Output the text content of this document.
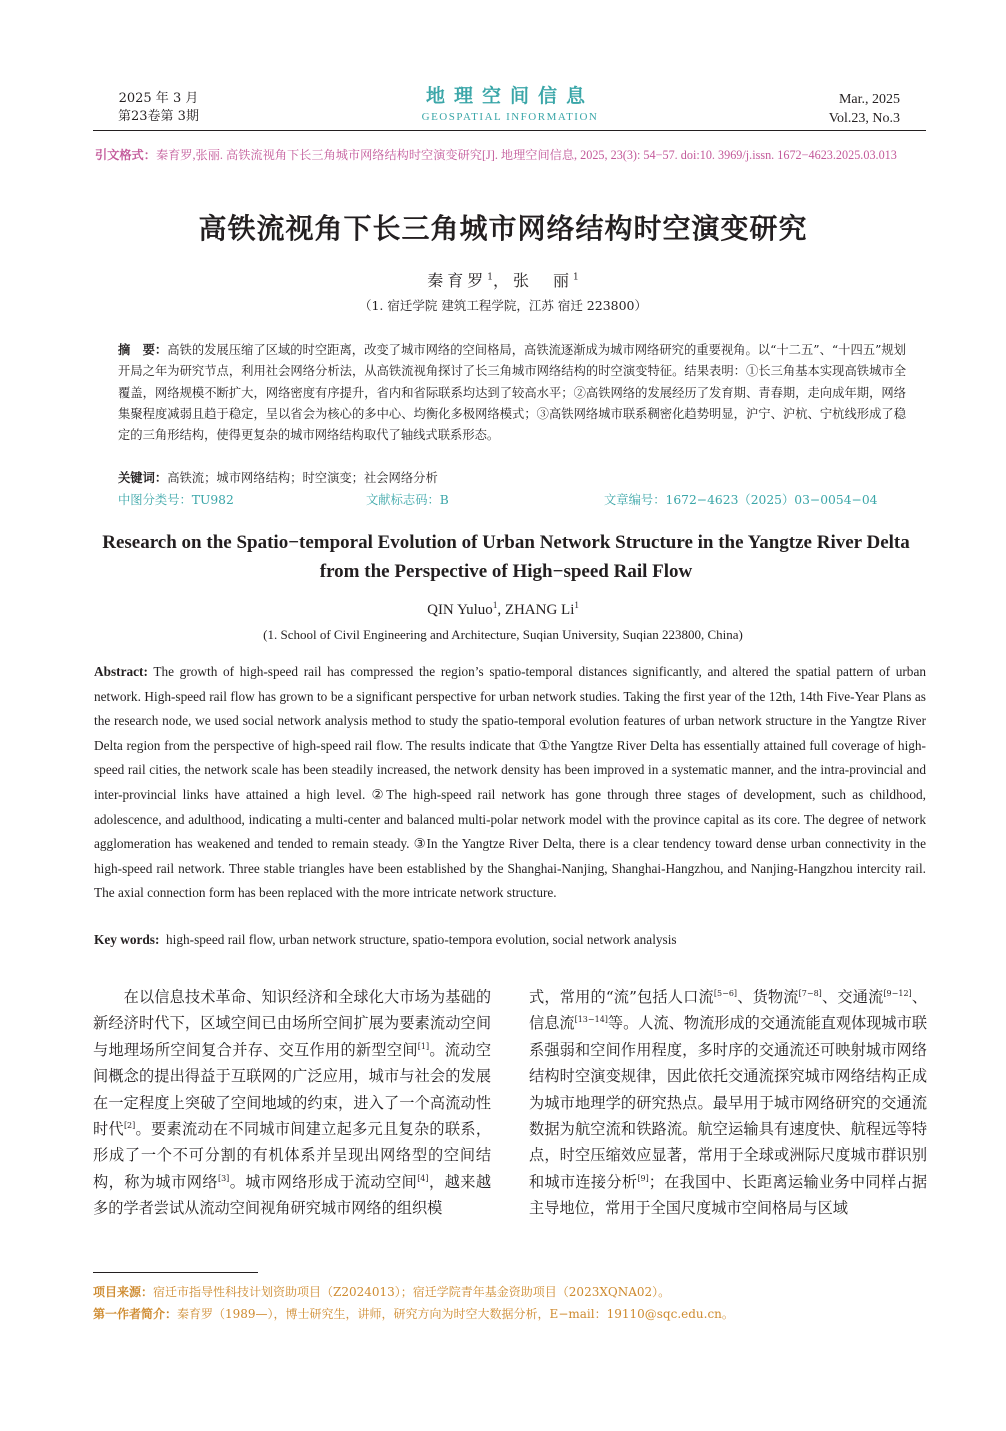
2025 年 3 月
第23卷第 3期
地理空间信息
GEOSPATIAL INFORMATION
Mar., 2025
Vol.23, No.3
引文格式：秦育罗,张丽. 高铁流视角下长三角城市网络结构时空演变研究[J]. 地理空间信息, 2025, 23(3): 54−57. doi:10. 3969/j.issn. 1672−4623.2025.03.013
高铁流视角下长三角城市网络结构时空演变研究
秦育罗$^1$，张　丽$^1$
（1. 宿迁学院 建筑工程学院，江苏 宿迁 223800）
摘　要：高铁的发展压缩了区域的时空距离，改变了城市网络的空间格局，高铁流逐渐成为城市网络研究的重要视角。以“十二五”、“十四五”规划开局之年为研究节点，利用社会网络分析法，从高铁流视角探讨了长三角城市网络结构的时空演变特征。结果表明：①长三角基本实现高铁城市全覆盖，网络规模不断扩大，网络密度有序提升，省内和省际联系均达到了较高水平；②高铁网络的发展经历了发育期、青春期，走向成年期，网络集聚程度减弱且趋于稳定，呈以省会为核心的多中心、均衡化多极网络模式；③高铁网络城市联系稠密化趋势明显，沪宁、沪杭、宁杭线形成了稳定的三角形结构，使得更复杂的城市网络结构取代了轴线式联系形态。
关键词：高铁流；城市网络结构；时空演变；社会网络分析
中图分类号：TU982	文献标志码：B	文章编号：1672−4623（2025）03−0054−04
Research on the Spatio−temporal Evolution of Urban Network Structure in the Yangtze River Delta from the Perspective of High−speed Rail Flow
QIN Yuluo$^1$, ZHANG Li$^1$
(1. School of Civil Engineering and Architecture, Suqian University, Suqian 223800, China)
Abstract: The growth of high-speed rail has compressed the region’s spatio-temporal distances significantly, and altered the spatial pattern of urban network. High-speed rail flow has grown to be a significant perspective for urban network studies. Taking the first year of the 12th, 14th Five-Year Plans as the research node, we used social network analysis method to study the spatio-temporal evolution features of urban network structure in the Yangtze River Delta region from the perspective of high-speed rail flow. The results indicate that ①the Yangtze River Delta has essentially attained full coverage of high-speed rail cities, the network scale has been steadily increased, the network density has been improved in a systematic manner, and the intra-provincial and inter-provincial links have attained a high level. ②The high-speed rail network has gone through three stages of development, such as childhood, adolescence, and adulthood, indicating a multi-center and balanced multi-polar network model with the province capital as its core. The degree of network agglomeration has weakened and tended to remain steady. ③In the Yangtze River Delta, there is a clear tendency toward dense urban connectivity in the high-speed rail network. Three stable triangles have been established by the Shanghai-Nanjing, Shanghai-Hangzhou, and Nanjing-Hangzhou intercity rail. The axial connection form has been replaced with the more intricate network structure.
Key words: high-speed rail flow, urban network structure, spatio-tempora evolution, social network analysis
　　在以信息技术革命、知识经济和全球化大市场为基础的新经济时代下，区域空间已由场所空间扩展为要素流动空间与地理场所空间复合并存、交互作用的新型空间[1]。流动空间概念的提出得益于互联网的广泛应用，城市与社会的发展在一定程度上突破了空间地域的约束，进入了一个高流动性时代[2]。要素流动在不同城市间建立起多元且复杂的联系，形成了一个不可分割的有机体系并呈现出网络型的空间结构，称为城市网络[3]。城市网络形成于流动空间[4]，越来越多的学者尝试从流动空间视角研究城市网络的组织模
式，常用的“流”包括人口流[5−6]、货物流[7−8]、交通流[9−12]、信息流[13−14]等。人流、物流形成的交通流能直观体现城市联系强弱和空间作用程度，多时序的交通流还可映射城市网络结构时空演变规律，因此依托交通流探究城市网络结构正成为城市地理学的研究热点。最早用于城市网络研究的交通流数据为航空流和铁路流。航空运输具有速度快、航程远等特点，时空压缩效应显著，常用于全球或洲际尺度城市群识别和城市连接分析[9]；在我国中、长距离运输业务中同样占据主导地位，常用于全国尺度城市空间格局与区域
项目来源：宿迁市指导性科技计划资助项目（Z2024013）；宿迁学院青年基金资助项目（2023XQNA02）。
第一作者简介：秦育罗（1989—），博士研究生，讲师，研究方向为时空大数据分析，E−mail：19110@sqc.edu.cn。
